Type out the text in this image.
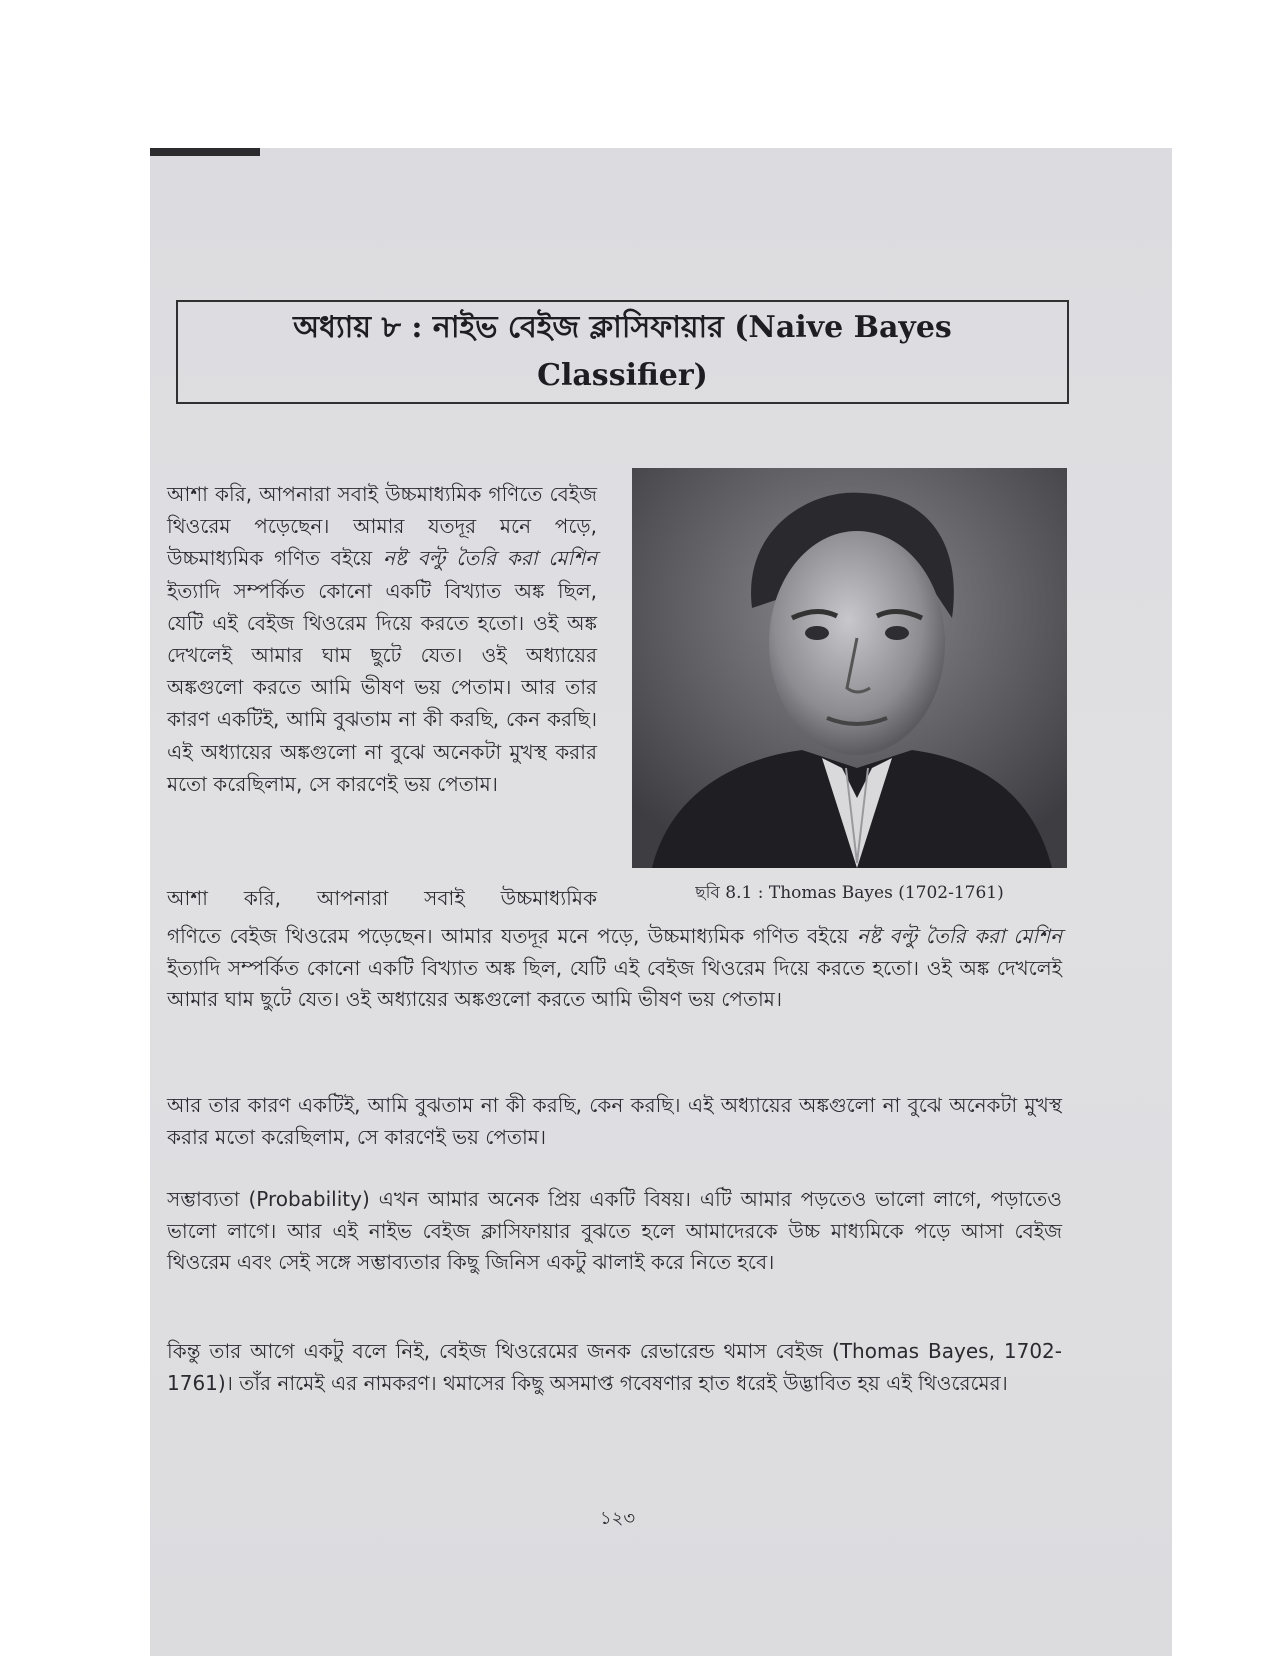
অধ্যায় ৮ : নাইভ বেইজ ক্লাসিফায়ার (Naive Bayes Classifier)

আশা করি, আপনারা সবাই উচ্চমাধ্যমিক গণিতে বেইজ থিওরেম পড়েছেন। আমার যতদূর মনে পড়ে, উচ্চমাধ্যমিক গণিত বইয়ে নষ্ট বল্টু তৈরি করা মেশিন ইত্যাদি সম্পর্কিত কোনো একটি বিখ্যাত অঙ্ক ছিল, যেটি এই বেইজ থিওরেম দিয়ে করতে হতো। ওই অঙ্ক দেখলেই আমার ঘাম ছুটে যেত। ওই অধ্যায়ের অঙ্কগুলো করতে আমি ভীষণ ভয় পেতাম। আর তার কারণ একটিই, আমি বুঝতাম না কী করছি, কেন করছি। এই অধ্যায়ের অঙ্কগুলো না বুঝে অনেকটা মুখস্থ করার মতো করেছিলাম, সে কারণেই ভয় পেতাম।

ছবি 8.1 : Thomas Bayes (1702-1761)

আশা করি, আপনারা সবাই উচ্চমাধ্যমিক

গণিতে বেইজ থিওরেম পড়েছেন। আমার যতদূর মনে পড়ে, উচ্চমাধ্যমিক গণিত বইয়ে নষ্ট বল্টু তৈরি করা মেশিন ইত্যাদি সম্পর্কিত কোনো একটি বিখ্যাত অঙ্ক ছিল, যেটি এই বেইজ থিওরেম দিয়ে করতে হতো। ওই অঙ্ক দেখলেই আমার ঘাম ছুটে যেত। ওই অধ্যায়ের অঙ্কগুলো করতে আমি ভীষণ ভয় পেতাম।

আর তার কারণ একটিই, আমি বুঝতাম না কী করছি, কেন করছি। এই অধ্যায়ের অঙ্কগুলো না বুঝে অনেকটা মুখস্থ করার মতো করেছিলাম, সে কারণেই ভয় পেতাম।

সম্ভাব্যতা (Probability) এখন আমার অনেক প্রিয় একটি বিষয়। এটি আমার পড়তেও ভালো লাগে, পড়াতেও ভালো লাগে। আর এই নাইভ বেইজ ক্লাসিফায়ার বুঝতে হলে আমাদেরকে উচ্চ মাধ্যমিকে পড়ে আসা বেইজ থিওরেম এবং সেই সঙ্গে সম্ভাব্যতার কিছু জিনিস একটু ঝালাই করে নিতে হবে।

কিন্তু তার আগে একটু বলে নিই, বেইজ থিওরেমের জনক রেভারেন্ড থমাস বেইজ (Thomas Bayes, 1702-1761)। তাঁর নামেই এর নামকরণ। থমাসের কিছু অসমাপ্ত গবেষণার হাত ধরেই উদ্ভাবিত হয় এই থিওরেমের।

১২৩
